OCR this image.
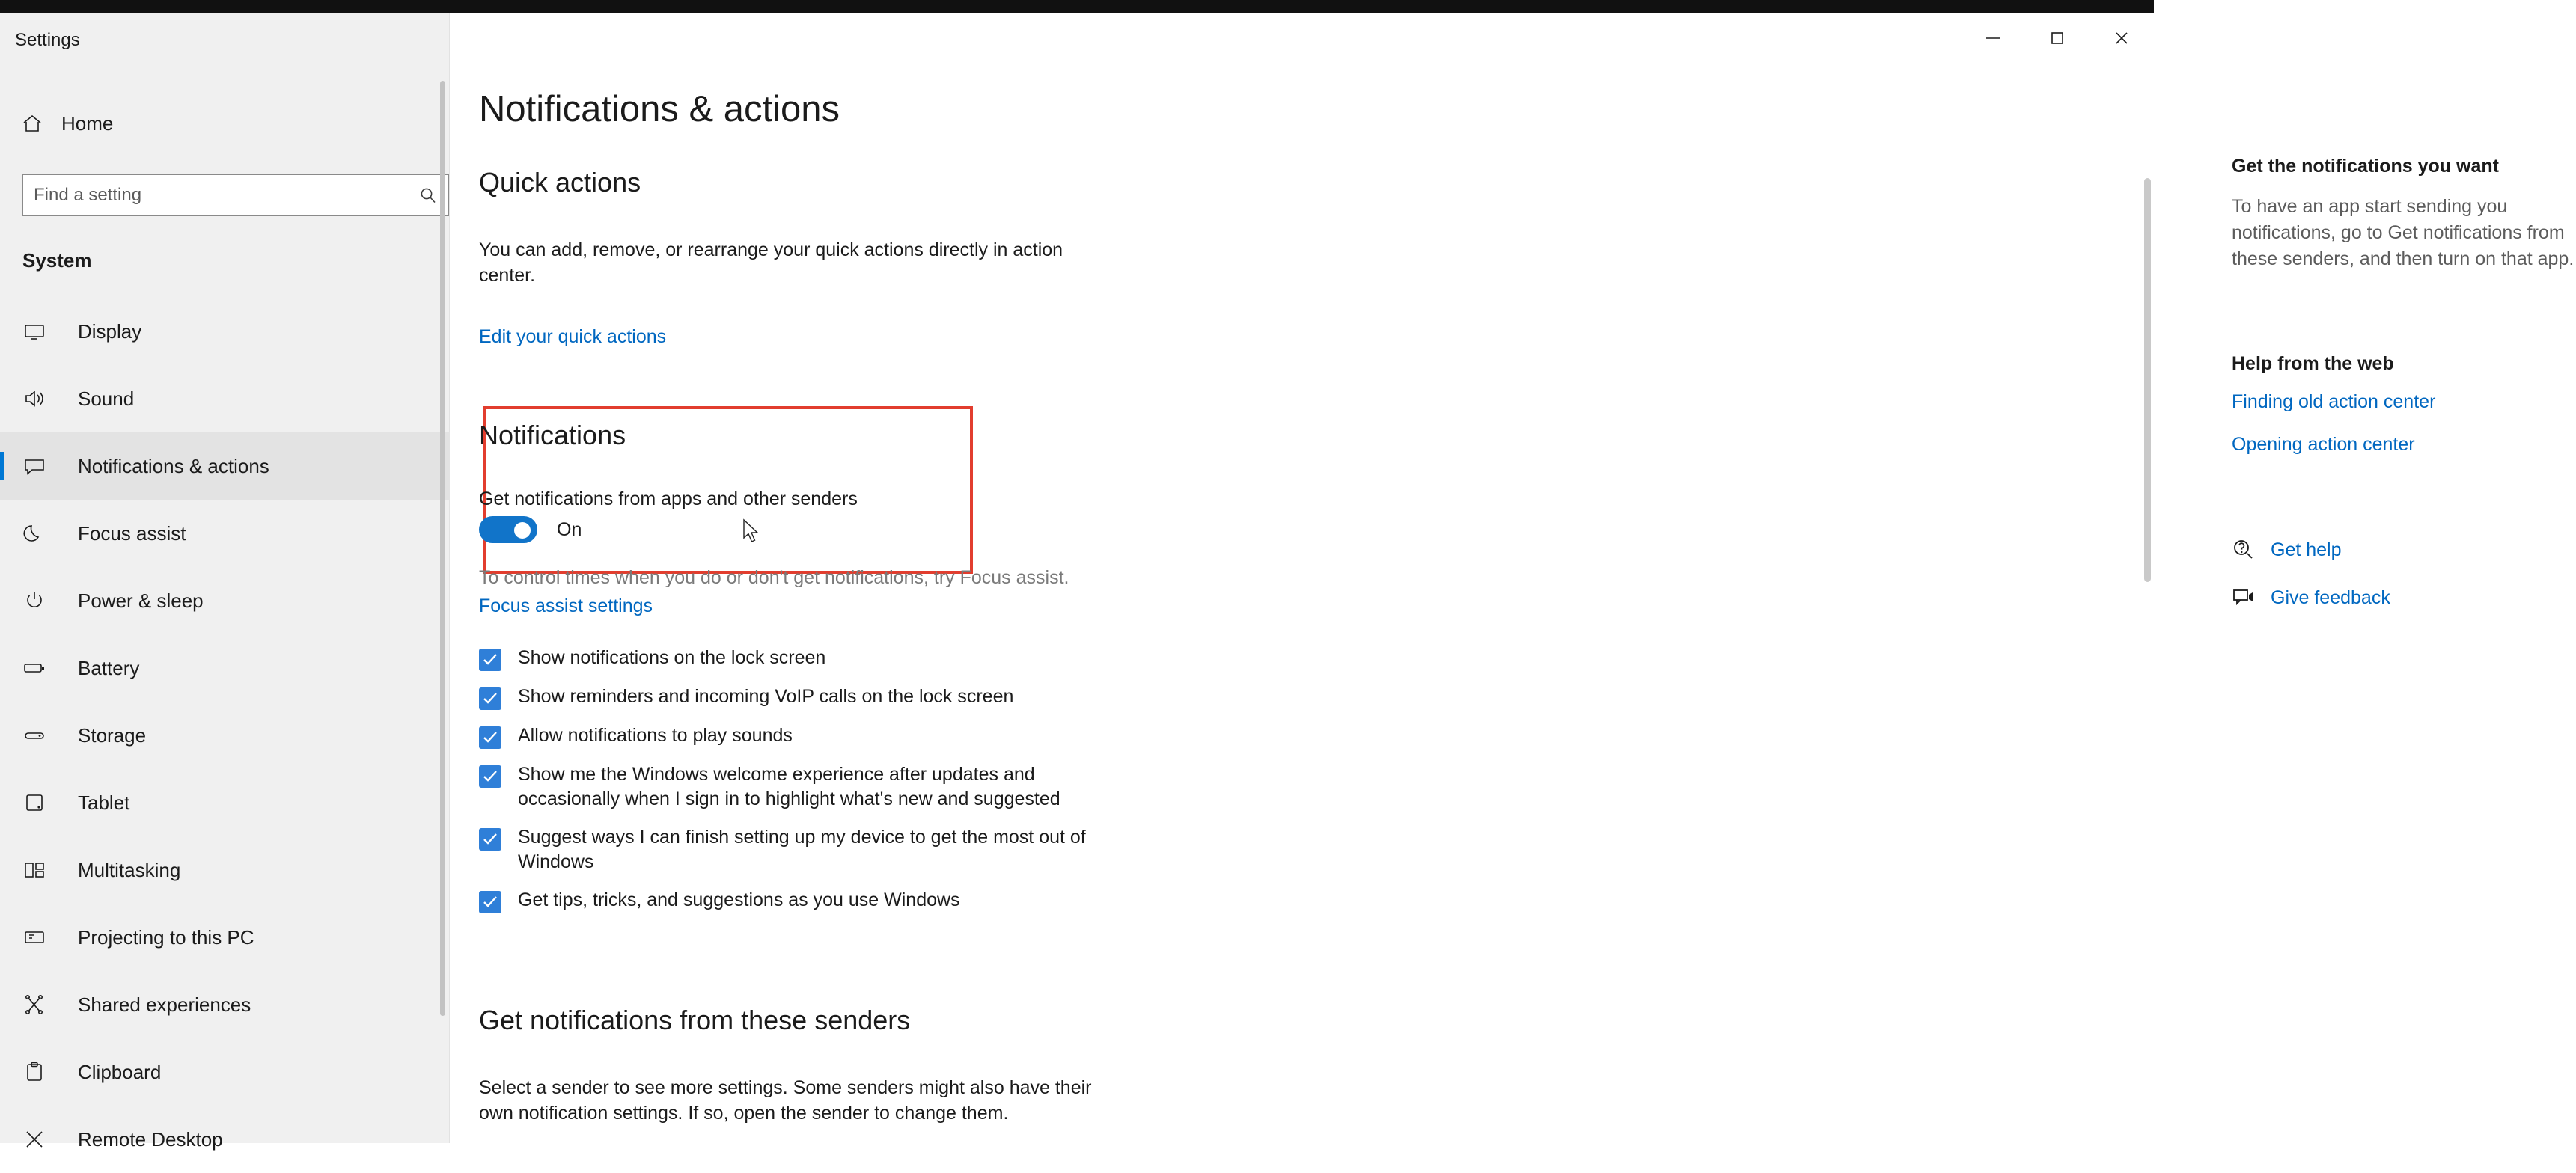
Settings
Home
Find a setting
System
Display
Sound
Notifications & actions
Focus assist
Power & sleep
Battery
Storage
Tablet
Multitasking
Projecting to this PC
Shared experiences
Clipboard
Remote Desktop
Notifications & actions
Quick actions
You can add, remove, or rearrange your quick actions directly in action center.
Edit your quick actions
Notifications
Get notifications from apps and other senders
On
To control times when you do or don't get notifications, try Focus assist.
Focus assist settings
Show notifications on the lock screen
Show reminders and incoming VoIP calls on the lock screen
Allow notifications to play sounds
Show me the Windows welcome experience after updates and occasionally when I sign in to highlight what's new and suggested
Suggest ways I can finish setting up my device to get the most out of Windows
Get tips, tricks, and suggestions as you use Windows
Get notifications from these senders
Select a sender to see more settings. Some senders might also have their own notification settings. If so, open the sender to change them.
Get the notifications you want
To have an app start sending you notifications, go to Get notifications from these senders, and then turn on that app.
Help from the web
Finding old action center
Opening action center
Get help
Give feedback
